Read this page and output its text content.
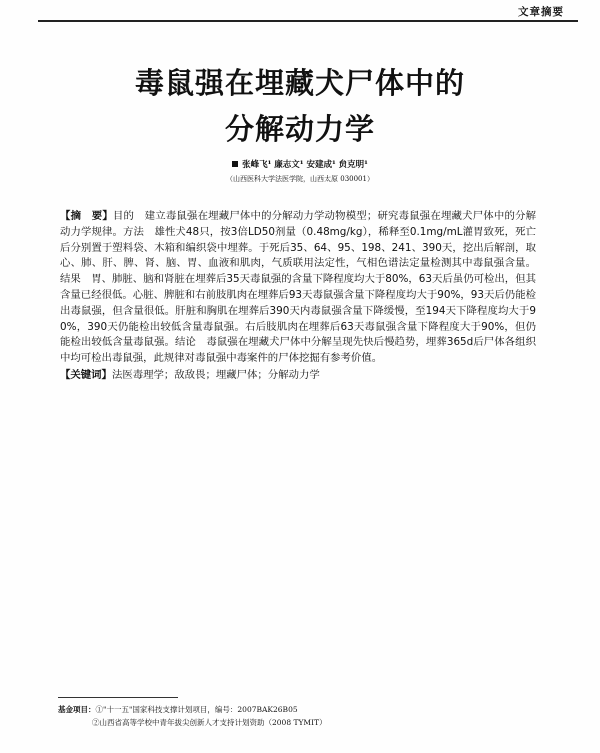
文章摘要
毒鼠强在埋藏犬尸体中的
分解动力学
张峰飞¹ 廉志文¹ 安建成¹ 贠克明¹
（山西医科大学法医学院，山西太原 030001）
【摘　要】目的　建立毒鼠强在埋藏尸体中的分解动力学动物模型；研究毒鼠强在埋藏犬尸体中的分解动力学规律。方法　雄性犬48只，按3倍LD50剂量（0.48mg/kg），稀释至0.1mg/mL灌胃致死，死亡后分别置于塑料袋、木箱和编织袋中埋葬。于死后35、64、95、198、241、390天，挖出后解剖，取心、肺、肝、脾、肾、脑、胃、血液和肌肉，气质联用法定性，气相色谱法定量检测其中毒鼠强含量。结果　胃、肺脏、脑和肾脏在埋葬后35天毒鼠强的含量下降程度均大于80%，63天后虽仍可检出，但其含量已经很低。心脏、脾脏和右前肢肌肉在埋葬后93天毒鼠强含量下降程度均大于90%，93天后仍能检出毒鼠强，但含量很低。肝脏和胸肌在埋葬后390天内毒鼠强含量下降缓慢，至194天下降程度均大于90%，390天仍能检出较低含量毒鼠强。右后肢肌肉在埋葬后63天毒鼠强含量下降程度大于90%，但仍能检出较低含量毒鼠强。结论　毒鼠强在埋藏犬尸体中分解呈现先快后慢趋势，埋葬365d后尸体各组织中均可检出毒鼠强，此规律对毒鼠强中毒案件的尸体挖掘有参考价值。
【关键词】法医毒理学；敌敌畏；埋藏尸体；分解动力学
基金项目：①"十一五"国家科技支撑计划项目，编号：2007BAK26B05
②山西省高等学校中青年拔尖创新人才支持计划资助（2008 TYMIT）
